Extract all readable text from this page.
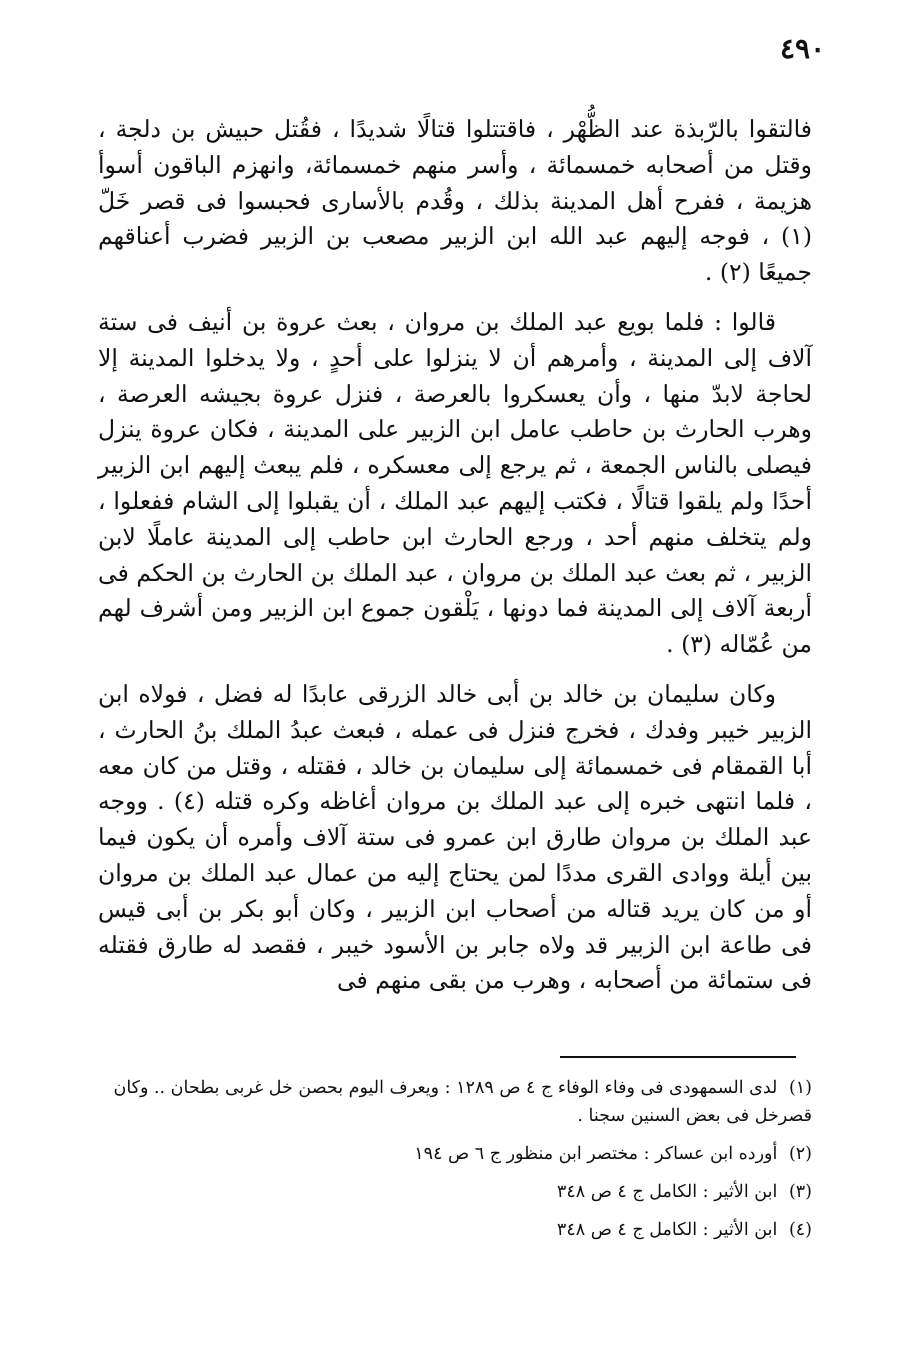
٤٩٠

فالتقوا بالرّبذة عند الظُّهْر ، فاقتتلوا قتالًا شديدًا ، فقُتل حبيش بن دلجة ، وقتل من أصحابه خمسمائة ، وأسر منهم خمسمائة، وانهزم الباقون أسوأ هزيمة ، ففرح أهل المدينة بذلك ، وقُدم بالأسارى فحبسوا فى قصر خَلّ (١) ، فوجه إليهم عبد الله ابن الزبير مصعب بن الزبير فضرب أعناقهم جميعًا (٢) .

قالوا : فلما بويع عبد الملك بن مروان ، بعث عروة بن أنيف فى ستة آلاف إلى المدينة ، وأمرهم أن لا ينزلوا على أحدٍ ، ولا يدخلوا المدينة إلا لحاجة لابدّ منها ، وأن يعسكروا بالعرصة ، فنزل عروة بجيشه العرصة ، وهرب الحارث بن حاطب عامل ابن الزبير على المدينة ، فكان عروة ينزل فيصلى بالناس الجمعة ، ثم يرجع إلى معسكره ، فلم يبعث إليهم ابن الزبير أحدًا ولم يلقوا قتالًا ، فكتب إليهم عبد الملك ، أن يقبلوا إلى الشام ففعلوا ، ولم يتخلف منهم أحد ، ورجع الحارث ابن حاطب إلى المدينة عاملًا لابن الزبير ، ثم بعث عبد الملك بن مروان ، عبد الملك بن الحارث بن الحكم فى أربعة آلاف إلى المدينة فما دونها ، يَلْقون جموع ابن الزبير ومن أشرف لهم من عُمّاله (٣) .

وكان سليمان بن خالد بن أبى خالد الزرقى عابدًا له فضل ، فولاه ابن الزبير خيبر وفدك ، فخرج فنزل فى عمله ، فبعث عبدُ الملك بنُ الحارث ، أبا القمقام فى خمسمائة إلى سليمان بن خالد ، فقتله ، وقتل من كان معه ، فلما انتهى خبره إلى عبد الملك بن مروان أغاظه وكره قتله (٤) . ووجه عبد الملك بن مروان طارق ابن عمرو فى ستة آلاف وأمره أن يكون فيما بين أيلة ووادى القرى مددًا لمن يحتاج إليه من عمال عبد الملك بن مروان أو من كان يريد قتاله من أصحاب ابن الزبير ، وكان أبو بكر بن أبى قيس فى طاعة ابن الزبير قد ولاه جابر بن الأسود خيبر ، فقصد له طارق فقتله فى ستمائة من أصحابه ، وهرب من بقى منهم فى

(١) لدى السمهودى فى وفاء الوفاء ج ٤ ص ١٢٨٩ : ويعرف اليوم بحصن خل غربى بطحان .. وكان قصرخل فى بعض السنين سجنا .
(٢) أورده ابن عساكر : مختصر ابن منظور ج ٦ ص ١٩٤
(٣) ابن الأثير : الكامل ج ٤ ص ٣٤٨
(٤) ابن الأثير : الكامل ج ٤ ص ٣٤٨
